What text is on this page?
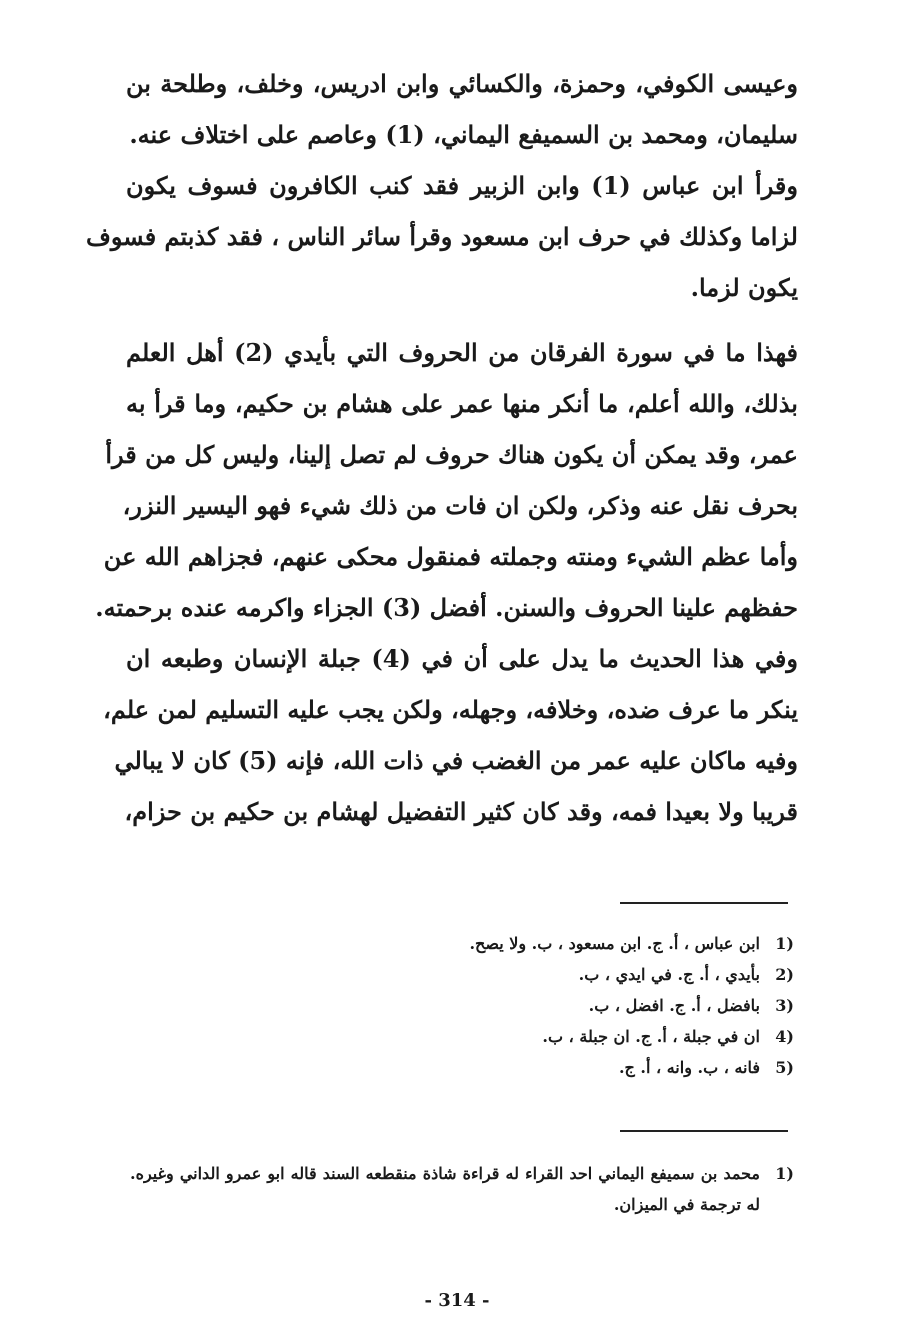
وعيسى الكوفي، وحمزة، والكسائي وابن ادريس، وخلف، وطلحة بن
سليمان، ومحمد بن السميفع اليماني، (1) وعاصم على اختلاف عنه.
وقرأ ابن عباس (1) وابن الزبير فقد كنب الكافرون فسوف يكون
لزاما وكذلك في حرف ابن مسعود وقرأ سائر الناس ، فقد كذبتم فسوف
يكون لزما.
فهذا ما في سورة الفرقان من الحروف التي بأيدي (2) أهل العلم
بذلك، والله أعلم، ما أنكر منها عمر على هشام بن حكيم، وما قرأ به
عمر، وقد يمكن أن يكون هناك حروف لم تصل إلينا، وليس كل من قرأ
بحرف نقل عنه وذكر، ولكن ان فات من ذلك شيء فهو اليسير النزر،
وأما عظم الشيء ومنته وجملته فمنقول محكى عنهم، فجزاهم الله عن
حفظهم علينا الحروف والسنن. أفضل (3) الجزاء واكرمه عنده برحمته.
وفي هذا الحديث ما يدل على أن في (4) جبلة الإنسان وطبعه ان
ينكر ما عرف ضده، وخلافه، وجهله، ولكن يجب عليه التسليم لمن علم،
وفيه ماكان عليه عمر من الغضب في ذات الله، فإنه (5) كان لا يبالي
قريبا ولا بعيدا فمه، وقد كان كثير التفضيل لهشام بن حكيم بن حزام،
1)
ابن عباس ، أ. ج. ابن مسعود ، ب. ولا يصح.
2)
بأيدي ، أ. ج. في ايدي ، ب.
3)
بافضل ، أ. ج. افضل ، ب.
4)
ان في جبلة ، أ. ج. ان جبلة ، ب.
5)
فانه ، ب. وانه ، أ. ج.
1)
محمد بن سميفع اليماني احد القراء له قراءة شاذة منقطعه السند قاله ابو عمرو الداني وغيره. له ترجمة في الميزان.
- 314 -
